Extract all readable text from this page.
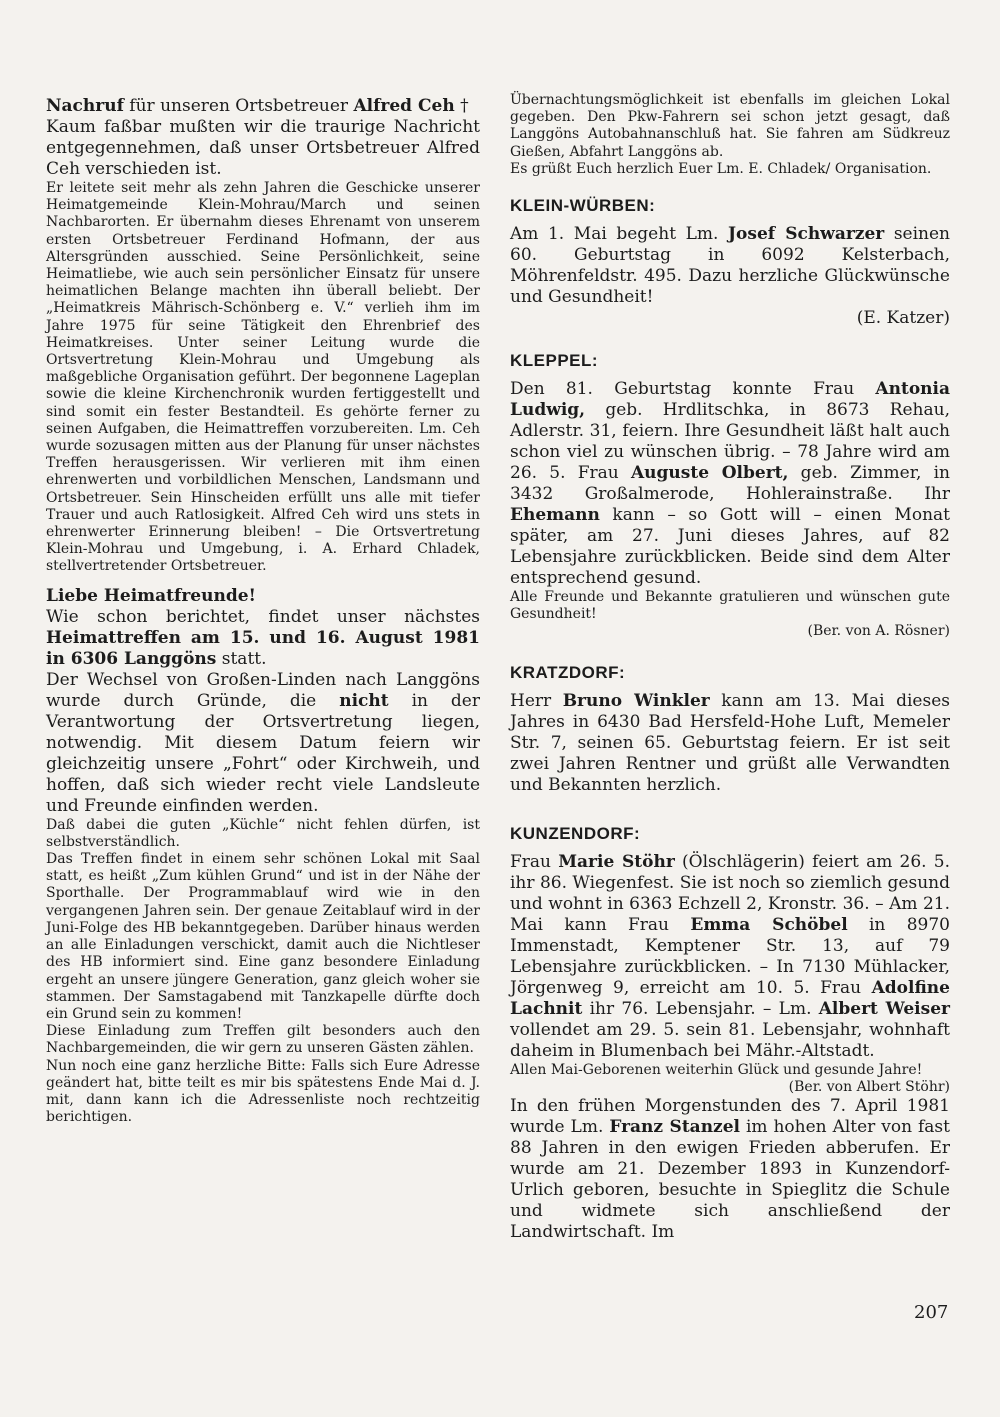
Nachruf für unseren Ortsbetreuer Alfred Ceh †

Kaum faßbar mußten wir die traurige Nachricht entgegennehmen, daß unser Ortsbetreuer Alfred Ceh verschieden ist.

Er leitete seit mehr als zehn Jahren die Geschicke unserer Heimatgemeinde Klein-Mohrau/March und seinen Nachbarorten. Er übernahm dieses Ehrenamt von unserem ersten Ortsbetreuer Ferdinand Hofmann, der aus Altersgründen ausschied. Seine Persönlichkeit, seine Heimatliebe, wie auch sein persönlicher Einsatz für unsere heimatlichen Belange machten ihn überall beliebt. Der „Heimatkreis Mährisch-Schönberg e. V.“ verlieh ihm im Jahre 1975 für seine Tätigkeit den Ehrenbrief des Heimatkreises. Unter seiner Leitung wurde die Ortsvertretung Klein-Mohrau und Umgebung als maßgebliche Organisation geführt. Der begonnene Lageplan sowie die kleine Kirchenchronik wurden fertiggestellt und sind somit ein fester Bestandteil. Es gehörte ferner zu seinen Aufgaben, die Heimattreffen vorzubereiten. Lm. Ceh wurde sozusagen mitten aus der Planung für unser nächstes Treffen herausgerissen. Wir verlieren mit ihm einen ehrenwerten und vorbildlichen Menschen, Landsmann und Ortsbetreuer. Sein Hinscheiden erfüllt uns alle mit tiefer Trauer und auch Ratlosigkeit. Alfred Ceh wird uns stets in ehrenwerter Erinnerung bleiben! – Die Ortsvertretung Klein-Mohrau und Umgebung, i. A. Erhard Chladek, stellvertretender Ortsbetreuer.

Liebe Heimatfreunde!

Wie schon berichtet, findet unser nächstes Heimattreffen am 15. und 16. August 1981 in 6306 Langgöns statt.

Der Wechsel von Großen-Linden nach Langgöns wurde durch Gründe, die nicht in der Verantwortung der Ortsvertretung liegen, notwendig. Mit diesem Datum feiern wir gleichzeitig unsere „Fohrt“ oder Kirchweih, und hoffen, daß sich wieder recht viele Landsleute und Freunde einfinden werden.

Daß dabei die guten „Küchle“ nicht fehlen dürfen, ist selbstverständlich.

Das Treffen findet in einem sehr schönen Lokal mit Saal statt, es heißt „Zum kühlen Grund“ und ist in der Nähe der Sporthalle. Der Programmablauf wird wie in den vergangenen Jahren sein. Der genaue Zeitablauf wird in der Juni-Folge des HB bekanntgegeben. Darüber hinaus werden an alle Einladungen verschickt, damit auch die Nichtleser des HB informiert sind. Eine ganz besondere Einladung ergeht an unsere jüngere Generation, ganz gleich woher sie stammen. Der Samstagabend mit Tanzkapelle dürfte doch ein Grund sein zu kommen!

Diese Einladung zum Treffen gilt besonders auch den Nachbargemeinden, die wir gern zu unseren Gästen zählen.

Nun noch eine ganz herzliche Bitte: Falls sich Eure Adresse geändert hat, bitte teilt es mir bis spätestens Ende Mai d. J. mit, dann kann ich die Adressenliste noch rechtzeitig berichtigen.

Übernachtungsmöglichkeit ist ebenfalls im gleichen Lokal gegeben. Den Pkw-Fahrern sei schon jetzt gesagt, daß Langgöns Autobahnanschluß hat. Sie fahren am Südkreuz Gießen, Abfahrt Langgöns ab.

Es grüßt Euch herzlich Euer Lm. E. Chladek/ Organisation.

KLEIN-WÜRBEN:

Am 1. Mai begeht Lm. Josef Schwarzer seinen 60. Geburtstag in 6092 Kelsterbach, Möhrenfeldstr. 495. Dazu herzliche Glückwünsche und Gesundheit!

(E. Katzer)
KLEPPEL:

Den 81. Geburtstag konnte Frau Antonia Ludwig, geb. Hrdlitschka, in 8673 Rehau, Adlerstr. 31, feiern. Ihre Gesundheit läßt halt auch schon viel zu wünschen übrig. – 78 Jahre wird am 26. 5. Frau Auguste Olbert, geb. Zimmer, in 3432 Großalmerode, Hohlerainstraße. Ihr Ehemann kann – so Gott will – einen Monat später, am 27. Juni dieses Jahres, auf 82 Lebensjahre zurückblicken. Beide sind dem Alter entsprechend gesund.

Alle Freunde und Bekannte gratulieren und wünschen gute Gesundheit!

(Ber. von A. Rösner)
KRATZDORF:

Herr Bruno Winkler kann am 13. Mai dieses Jahres in 6430 Bad Hersfeld-Hohe Luft, Memeler Str. 7, seinen 65. Geburtstag feiern. Er ist seit zwei Jahren Rentner und grüßt alle Verwandten und Bekannten herzlich.

KUNZENDORF:

Frau Marie Stöhr (Ölschlägerin) feiert am 26. 5. ihr 86. Wiegenfest. Sie ist noch so ziemlich gesund und wohnt in 6363 Echzell 2, Kronstr. 36. – Am 21. Mai kann Frau Emma Schöbel in 8970 Immenstadt, Kemptener Str. 13, auf 79 Lebensjahre zurückblicken. – In 7130 Mühlacker, Jörgenweg 9, erreicht am 10. 5. Frau Adolfine Lachnit ihr 76. Lebensjahr. – Lm. Albert Weiser vollendet am 29. 5. sein 81. Lebensjahr, wohnhaft daheim in Blumenbach bei Mähr.-Altstadt.

Allen Mai-Geborenen weiterhin Glück und gesunde Jahre!

(Ber. von Albert Stöhr)

In den frühen Morgenstunden des 7. April 1981 wurde Lm. Franz Stanzel im hohen Alter von fast 88 Jahren in den ewigen Frieden abberufen. Er wurde am 21. Dezember 1893 in Kunzendorf-Urlich geboren, besuchte in Spieglitz die Schule und widmete sich anschließend der Landwirtschaft. Im

207
